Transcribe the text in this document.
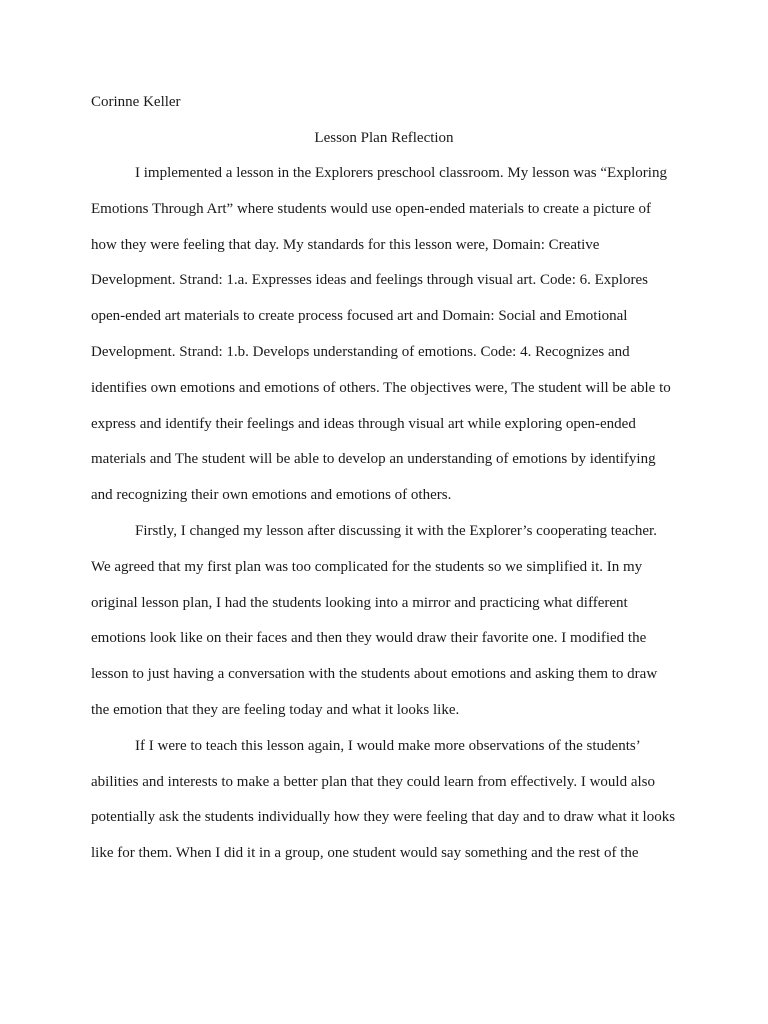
Corinne Keller
Lesson Plan Reflection
I implemented a lesson in the Explorers preschool classroom. My lesson was “Exploring
Emotions Through Art” where students would use open-ended materials to create a picture of
how they were feeling that day. My standards for this lesson were, Domain: Creative
Development. Strand: 1.a. Expresses ideas and feelings through visual art. Code: 6. Explores
open-ended art materials to create process focused art and Domain: Social and Emotional
Development. Strand: 1.b. Develops understanding of emotions. Code: 4. Recognizes and
identifies own emotions and emotions of others. The objectives were, The student will be able to
express and identify their feelings and ideas through visual art while exploring open-ended
materials and The student will be able to develop an understanding of emotions by identifying
and recognizing their own emotions and emotions of others.
Firstly, I changed my lesson after discussing it with the Explorer’s cooperating teacher.
We agreed that my first plan was too complicated for the students so we simplified it. In my
original lesson plan, I had the students looking into a mirror and practicing what different
emotions look like on their faces and then they would draw their favorite one. I modified the
lesson to just having a conversation with the students about emotions and asking them to draw
the emotion that they are feeling today and what it looks like.
If I were to teach this lesson again, I would make more observations of the students’
abilities and interests to make a better plan that they could learn from effectively. I would also
potentially ask the students individually how they were feeling that day and to draw what it looks
like for them. When I did it in a group, one student would say something and the rest of the
